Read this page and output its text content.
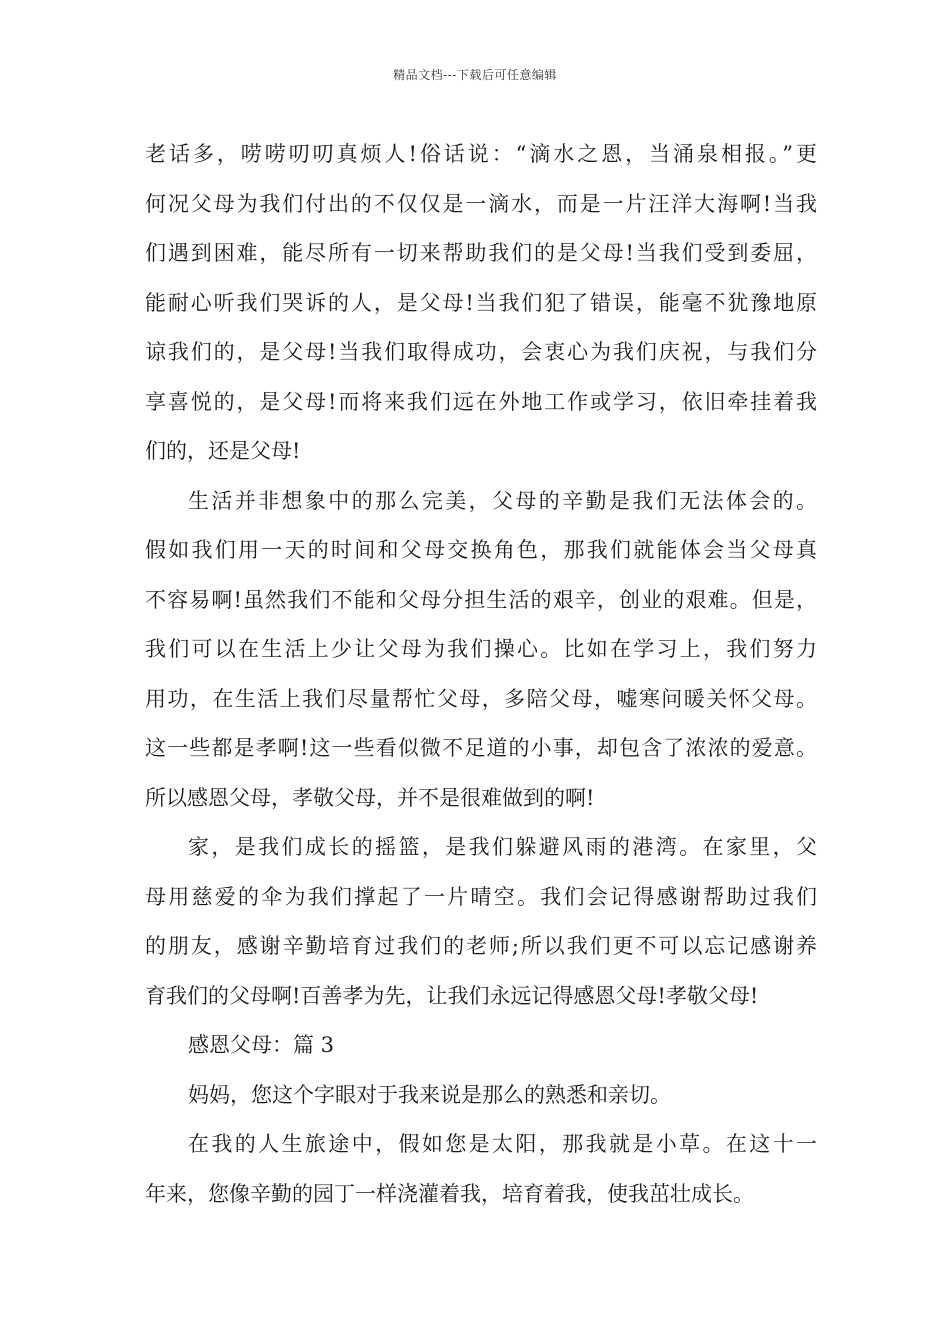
精品文档---下载后可任意编辑
老话多，唠唠叨叨真烦人!俗话说：“滴水之恩，当涌泉相报。”更
何况父母为我们付出的不仅仅是一滴水，而是一片汪洋大海啊!当我
们遇到困难，能尽所有一切来帮助我们的是父母!当我们受到委屈，
能耐心听我们哭诉的人，是父母!当我们犯了错误，能毫不犹豫地原
谅我们的，是父母!当我们取得成功，会衷心为我们庆祝，与我们分
享喜悦的，是父母!而将来我们远在外地工作或学习，依旧牵挂着我
们的，还是父母!
生活并非想象中的那么完美，父母的辛勤是我们无法体会的。
假如我们用一天的时间和父母交换角色，那我们就能体会当父母真
不容易啊!虽然我们不能和父母分担生活的艰辛，创业的艰难。但是，
我们可以在生活上少让父母为我们操心。比如在学习上，我们努力
用功，在生活上我们尽量帮忙父母，多陪父母，嘘寒问暖关怀父母。
这一些都是孝啊!这一些看似微不足道的小事，却包含了浓浓的爱意。
所以感恩父母，孝敬父母，并不是很难做到的啊!
家，是我们成长的摇篮，是我们躲避风雨的港湾。在家里，父
母用慈爱的伞为我们撑起了一片晴空。我们会记得感谢帮助过我们
的朋友，感谢辛勤培育过我们的老师;所以我们更不可以忘记感谢养
育我们的父母啊!百善孝为先，让我们永远记得感恩父母!孝敬父母!
感恩父母：篇 3
妈妈，您这个字眼对于我来说是那么的熟悉和亲切。
在我的人生旅途中，假如您是太阳，那我就是小草。在这十一
年来，您像辛勤的园丁一样浇灌着我，培育着我，使我茁壮成长。
